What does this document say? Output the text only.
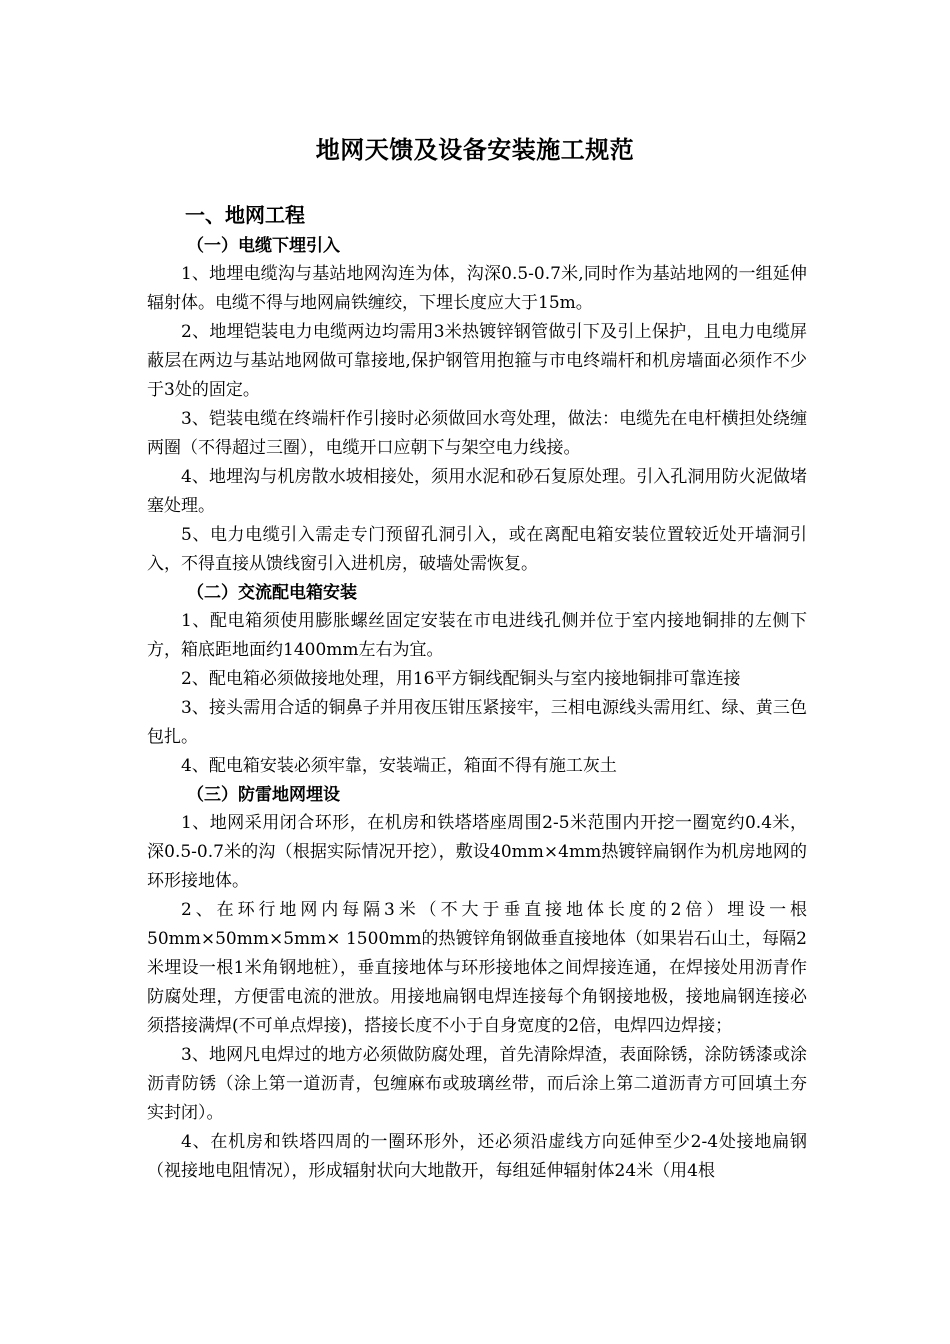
地网天馈及设备安装施工规范
一、地网工程
（一）电缆下埋引入

1、地埋电缆沟与基站地网沟连为体，沟深0.5-0.7米,同时作为基站地网的一组延伸辐射体。电缆不得与地网扁铁缠绞，下埋长度应大于15m。

2、地埋铠装电力电缆两边均需用3米热镀锌钢管做引下及引上保护，且电力电缆屏蔽层在两边与基站地网做可靠接地,保护钢管用抱箍与市电终端杆和机房墙面必须作不少于3处的固定。

3、铠装电缆在终端杆作引接时必须做回水弯处理，做法：电缆先在电杆横担处绕缠两圈（不得超过三圈），电缆开口应朝下与架空电力线接。

4、地埋沟与机房散水坡相接处，须用水泥和砂石复原处理。引入孔洞用防火泥做堵塞处理。

5、电力电缆引入需走专门预留孔洞引入，或在离配电箱安装位置较近处开墙洞引入，不得直接从馈线窗引入进机房，破墙处需恢复。

（二）交流配电箱安装

1、配电箱须使用膨胀螺丝固定安装在市电进线孔侧并位于室内接地铜排的左侧下方，箱底距地面约1400mm左右为宜。

2、配电箱必须做接地处理，用16平方铜线配铜头与室内接地铜排可靠连接

3、接头需用合适的铜鼻子并用夜压钳压紧接牢，三相电源线头需用红、绿、黄三色包扎。

4、配电箱安装必须牢靠，安装端正，箱面不得有施工灰土

（三）防雷地网埋设

1、地网采用闭合环形，在机房和铁塔塔座周围2-5米范围内开挖一圈宽约0.4米，深0.5-0.7米的沟（根据实际情况开挖），敷设40mm×4mm热镀锌扁钢作为机房地网的环形接地体。

2、在环行地网内每隔3米（不大于垂直接地体长度的2倍）埋设一根50mm×50mm×5mm× 1500mm的热镀锌角钢做垂直接地体（如果岩石山土，每隔2米埋设一根1米角钢地桩），垂直接地体与环形接地体之间焊接连通，在焊接处用沥青作防腐处理，方便雷电流的泄放。用接地扁钢电焊连接每个角钢接地极，接地扁钢连接必须搭接满焊(不可单点焊接)，搭接长度不小于自身宽度的2倍，电焊四边焊接；

3、地网凡电焊过的地方必须做防腐处理，首先清除焊渣，表面除锈，涂防锈漆或涂沥青防锈（涂上第一道沥青，包缠麻布或玻璃丝带，而后涂上第二道沥青方可回填土夯实封闭）。

4、在机房和铁塔四周的一圈环形外，还必须沿虚线方向延伸至少2-4处接地扁钢（视接地电阻情况），形成辐射状向大地散开，每组延伸辐射体24米（用4根
